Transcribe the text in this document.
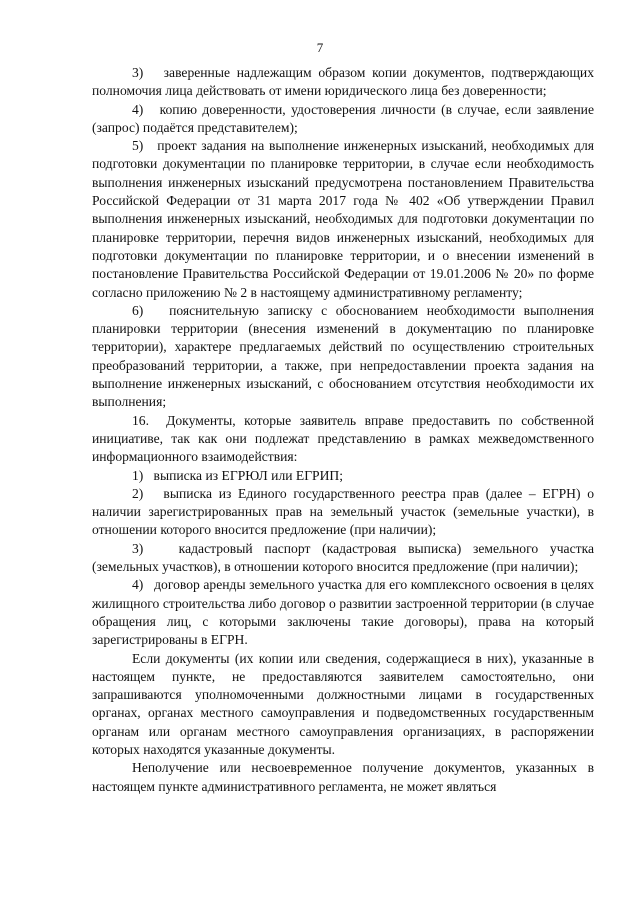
7

3)   заверенные надлежащим образом копии документов, подтверждающих полномочия лица действовать от имени юридического лица без доверенности;

4)   копию доверенности, удостоверения личности (в случае, если заявление (запрос) подаётся представителем);

5)   проект задания на выполнение инженерных изысканий, необходимых для подготовки документации по планировке территории, в случае если необходимость выполнения инженерных изысканий предусмотрена постановлением Правительства Российской Федерации от 31 марта 2017 года № 402 «Об утверждении Правил выполнения инженерных изысканий, необходимых для подготовки документации по планировке территории, перечня видов инженерных изысканий, необходимых для подготовки документации по планировке территории, и о внесении изменений в постановление Правительства Российской Федерации от 19.01.2006 № 20» по форме согласно приложению № 2 в настоящему административному регламенту;

6)   пояснительную записку с обоснованием необходимости выполнения планировки территории (внесения изменений в документацию по планировке территории), характере предлагаемых действий по осуществлению строительных преобразований территории, а также, при непредоставлении проекта задания на выполнение инженерных изысканий, с обоснованием отсутствия необходимости их выполнения;

16.  Документы, которые заявитель вправе предоставить по собственной инициативе, так как они подлежат представлению в рамках межведомственного информационного взаимодействия:

1)   выписка из ЕГРЮЛ или ЕГРИП;

2)   выписка из Единого государственного реестра прав (далее – ЕГРН) о наличии зарегистрированных прав на земельный участок (земельные участки), в отношении которого вносится предложение (при наличии);

3)   кадастровый паспорт (кадастровая выписка) земельного участка (земельных участков), в отношении которого вносится предложение (при наличии);

4)   договор аренды земельного участка для его комплексного освоения в целях жилищного строительства либо договор о развитии застроенной территории (в случае обращения лиц, с которыми заключены такие договоры), права на который зарегистрированы в ЕГРН.

Если документы (их копии или сведения, содержащиеся в них), указанные в настоящем пункте, не предоставляются заявителем самостоятельно, они запрашиваются уполномоченными должностными лицами в государственных органах, органах местного самоуправления и подведомственных государственным органам или органам местного самоуправления организациях, в распоряжении которых находятся указанные документы.

Неполучение или несвоевременное получение документов, указанных в настоящем пункте административного регламента, не может являться
